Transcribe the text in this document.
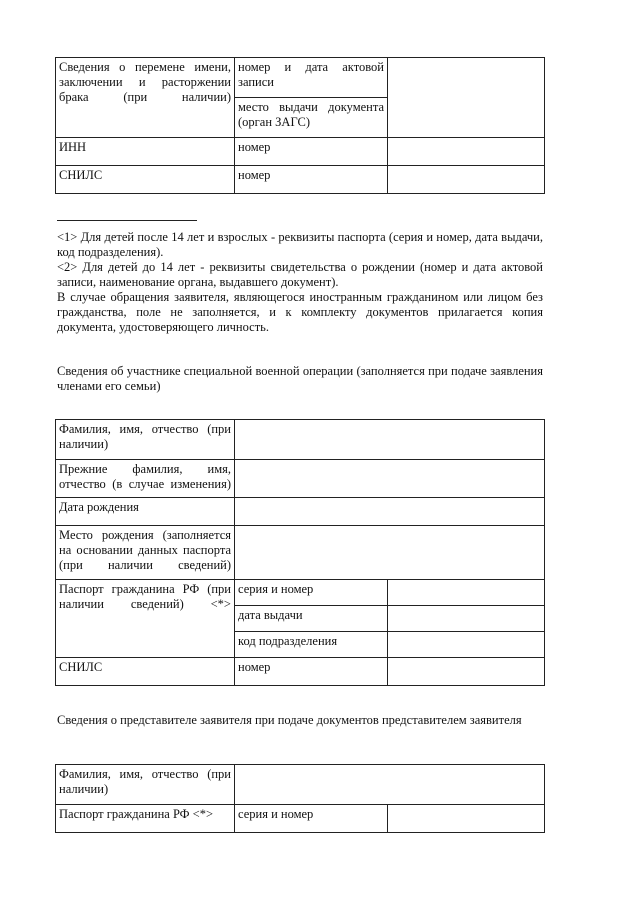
Сведения о перемене имени, заключении и расторжении брака (при наличии)	номер и дата актовой записи	
	место выдачи документа (орган ЗАГС)	
ИНН	номер	
СНИЛС	номер	
<1> Для детей после 14 лет и взрослых - реквизиты паспорта (серия и номер, дата выдачи, код подразделения).
<2> Для детей до 14 лет - реквизиты свидетельства о рождении (номер и дата актовой записи, наименование органа, выдавшего документ).
В случае обращения заявителя, являющегося иностранным гражданином или лицом без гражданства, поле не заполняется, и к комплекту документов прилагается копия документа, удостоверяющего личность.
Сведения об участнике специальной военной операции (заполняется при подаче заявления членами его семьи)
Фамилия, имя, отчество (при наличии)		
Прежние фамилия, имя, отчество (в случае изменения)		
Дата рождения		
Место рождения (заполняется на основании данных паспорта (при наличии сведений)		
Паспорт гражданина РФ (при наличии сведений) <*>	серия и номер	
	дата выдачи	
	код подразделения	
СНИЛС	номер	
Сведения о представителе заявителя при подаче документов представителем заявителя
Фамилия, имя, отчество (при наличии)		
Паспорт гражданина РФ <*>	серия и номер	
